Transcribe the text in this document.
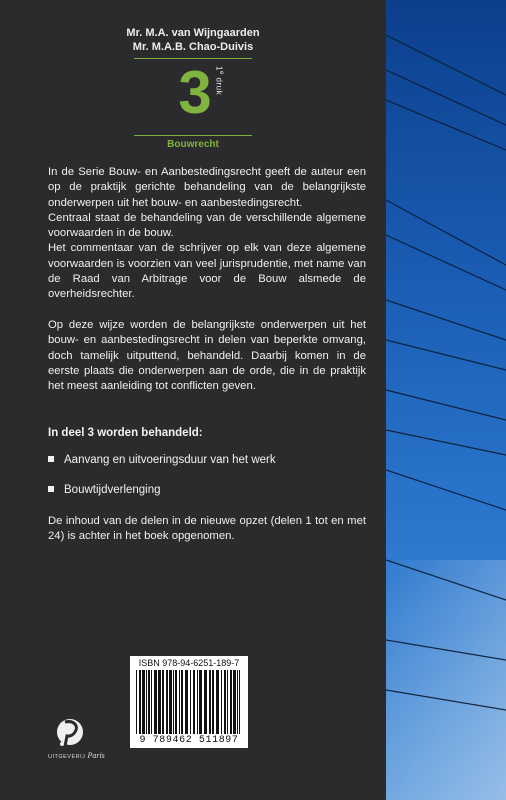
Mr. M.A. van Wijngaarden
Mr. M.A.B. Chao-Duivis
3 1e druk
Bouwrecht
In de Serie Bouw- en Aanbestedingsrecht geeft de auteur een op de praktijk gerichte behandeling van de belangrijkste onderwerpen uit het bouw- en aanbestedingsrecht.
Centraal staat de behandeling van de verschillende algemene voorwaarden in de bouw.
Het commentaar van de schrijver op elk van deze algemene voorwaarden is voorzien van veel jurisprudentie, met name van de Raad van Arbitrage voor de Bouw alsmede de overheidsrechter.
Op deze wijze worden de belangrijkste onderwerpen uit het bouw- en aanbestedingsrecht in delen van beperkte omvang, doch tamelijk uitputtend, behandeld. Daarbij komen in de eerste plaats die onderwerpen aan de orde, die in de praktijk het meest aanleiding tot conflicten geven.
In deel 3 worden behandeld:
Aanvang en uitvoeringsduur van het werk
Bouwtijdverlenging
De inhoud van de delen in de nieuwe opzet (delen 1 tot en met 24) is achter in het boek opgenomen.
ISBN 978-94-6251-189-7
9 789462 511897
UITGEVERIJ Paris
